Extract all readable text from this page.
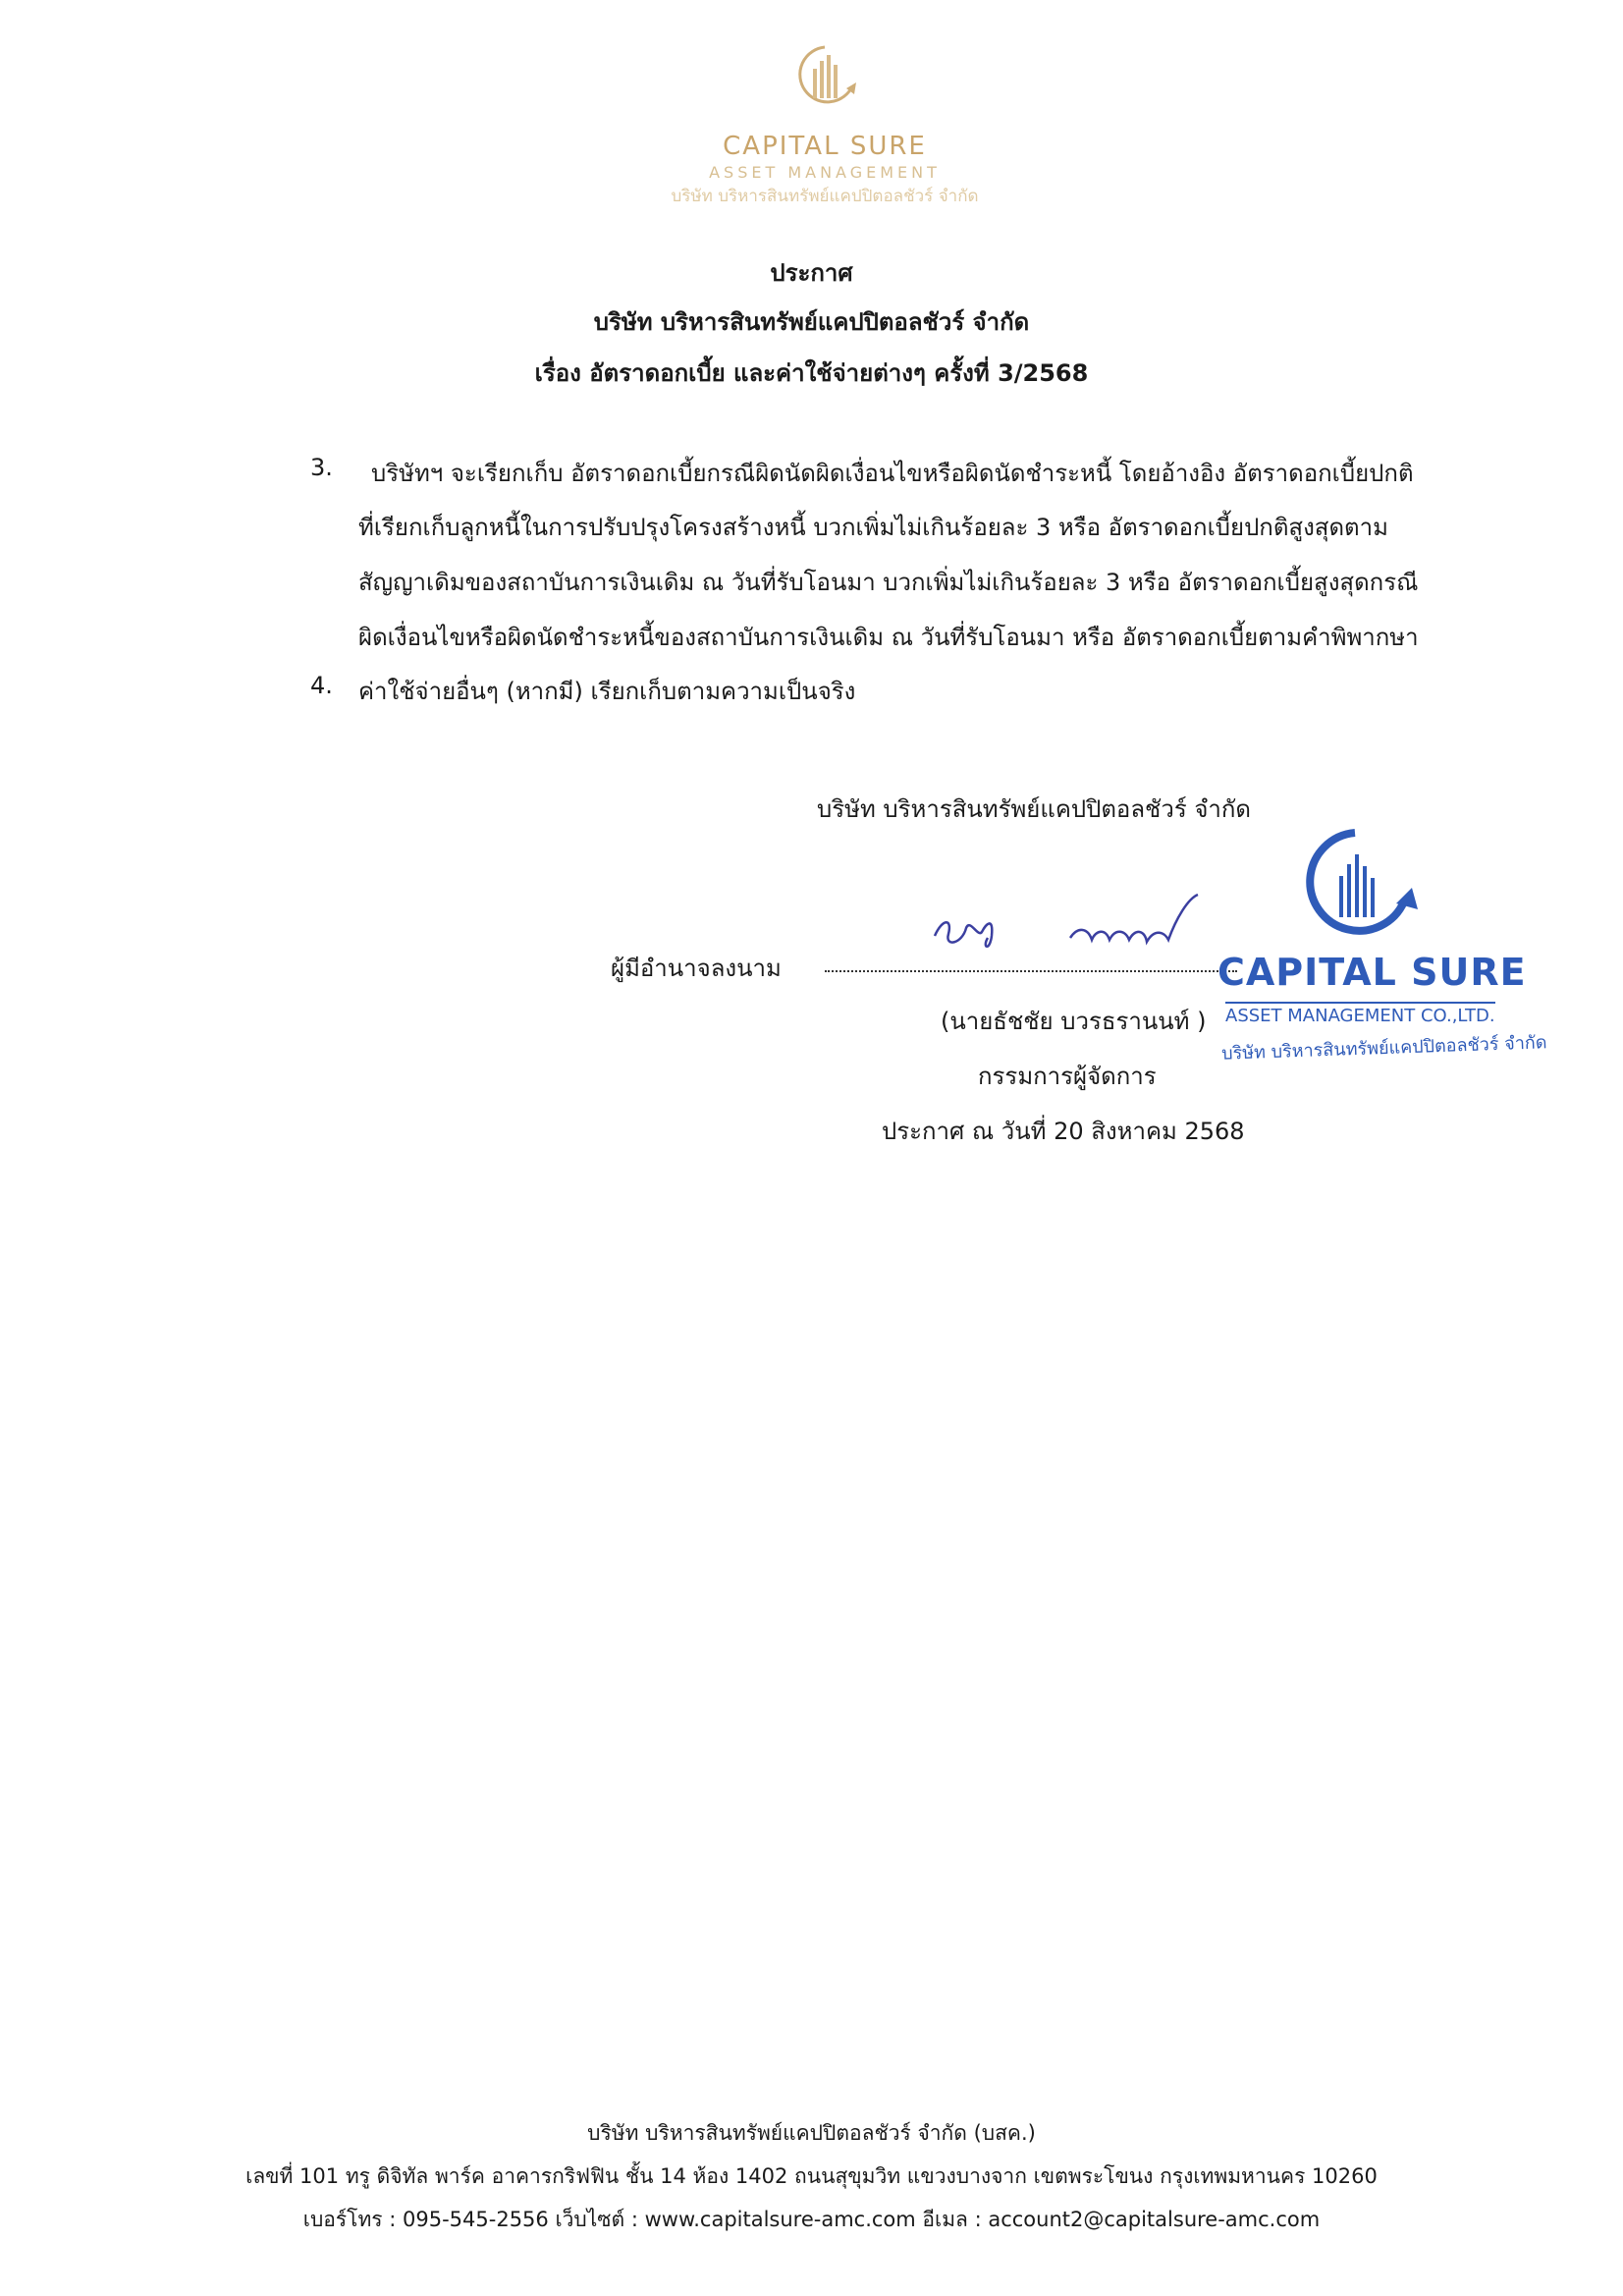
CAPITAL SURE
ASSET MANAGEMENT
บริษัท บริหารสินทรัพย์แคปปิตอลชัวร์ จำกัด
ประกาศ
บริษัท บริหารสินทรัพย์แคปปิตอลชัวร์ จำกัด
เรื่อง อัตราดอกเบี้ย และค่าใช้จ่ายต่างๆ ครั้งที่ 3/2568
3. บริษัทฯ จะเรียกเก็บ อัตราดอกเบี้ยกรณีผิดนัดผิดเงื่อนไขหรือผิดนัดชำระหนี้ โดยอ้างอิง อัตราดอกเบี้ยปกติ
ที่เรียกเก็บลูกหนี้ในการปรับปรุงโครงสร้างหนี้ บวกเพิ่มไม่เกินร้อยละ 3 หรือ อัตราดอกเบี้ยปกติสูงสุดตาม
สัญญาเดิมของสถาบันการเงินเดิม ณ วันที่รับโอนมา บวกเพิ่มไม่เกินร้อยละ 3 หรือ อัตราดอกเบี้ยสูงสุดกรณี
ผิดเงื่อนไขหรือผิดนัดชำระหนี้ของสถาบันการเงินเดิม ณ วันที่รับโอนมา หรือ อัตราดอกเบี้ยตามคำพิพากษา
4. ค่าใช้จ่ายอื่นๆ (หากมี) เรียกเก็บตามความเป็นจริง
บริษัท บริหารสินทรัพย์แคปปิตอลชัวร์ จำกัด
ผู้มีอำนาจลงนาม
(นายธัชชัย บวรธรานนท์ )
กรรมการผู้จัดการ
ประกาศ ณ วันที่ 20 สิงหาคม 2568
CAPITAL SURE
ASSET MANAGEMENT CO.,LTD.
บริษัท บริหารสินทรัพย์แคปปิตอลชัวร์ จำกัด
บริษัท บริหารสินทรัพย์แคปปิตอลชัวร์ จำกัด (บสค.)
เลขที่ 101 ทรู ดิจิทัล พาร์ค อาคารกริฟฟิน ชั้น 14 ห้อง 1402 ถนนสุขุมวิท แขวงบางจาก เขตพระโขนง กรุงเทพมหานคร 10260
เบอร์โทร : 095-545-2556 เว็บไซต์ : www.capitalsure-amc.com อีเมล : account2@capitalsure-amc.com
